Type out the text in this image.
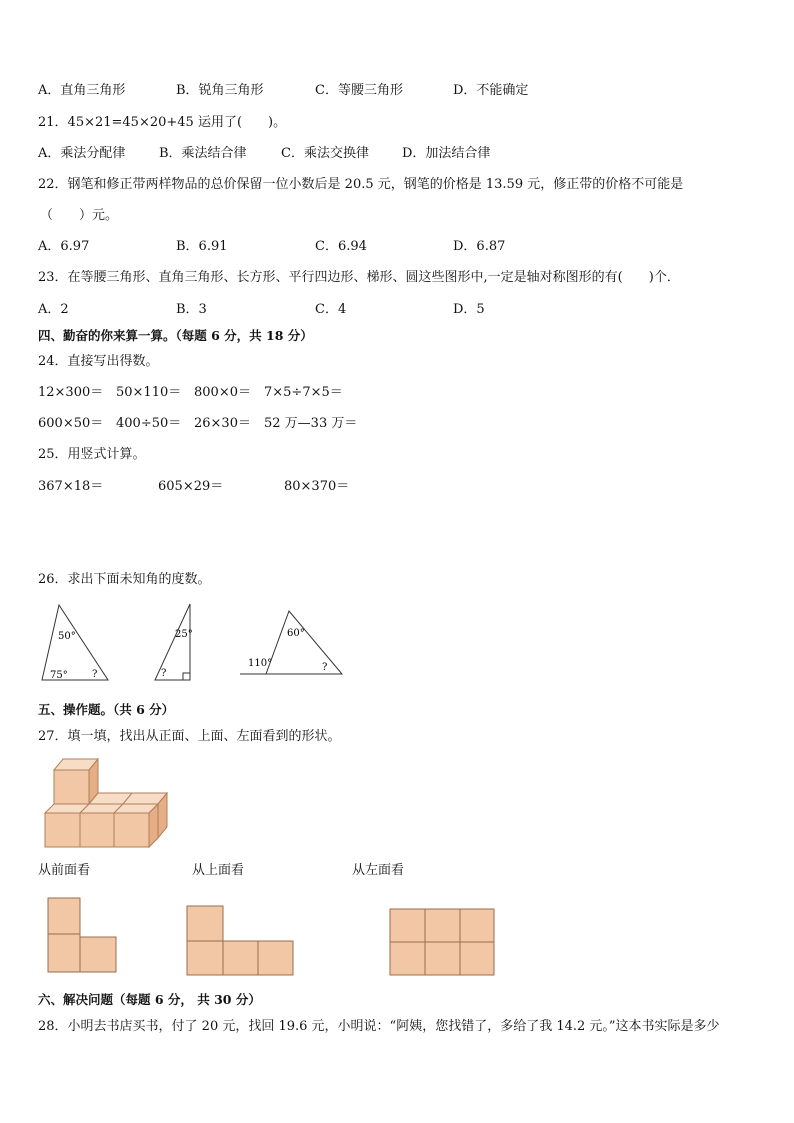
A．直角三角形	B．锐角三角形	C．等腰三角形	D．不能确定
21．45×21=45×20+45 运用了(　　)。
A．乘法分配律	B．乘法结合律	C．乘法交换律	D．加法结合律
22．钢笔和修正带两样物品的总价保留一位小数后是 20.5 元，钢笔的价格是 13.59 元，修正带的价格不可能是
（　　）元。
A．6.97	B．6.91	C．6.94	D．6.87
23．在等腰三角形、直角三角形、长方形、平行四边形、梯形、圆这些图形中,一定是轴对称图形的有(　　)个．
A．2	B．3	C．4	D．5
四、勤奋的你来算一算。（每题 6 分，共 18 分）
24．直接写出得数。
12×300＝ 50×110＝ 800×0＝ 7×5÷7×5＝
600×50＝ 400÷50＝ 26×30＝ 52 万—33 万＝
25．用竖式计算。
367×18＝	605×29＝	80×370＝
26．求出下面未知角的度数。
50°
75° ?
25°
?
60°
110°	?
五、操作题。（共 6 分）
27．填一填，找出从正面、上面、左面看到的形状。
从前面看	从上面看	从左面看
六、解决问题（每题 6 分， 共 30 分）
28．小明去书店买书，付了 20 元，找回 19.6 元，小明说：“阿姨，您找错了，多给了我 14.2 元。”这本书实际是多少
